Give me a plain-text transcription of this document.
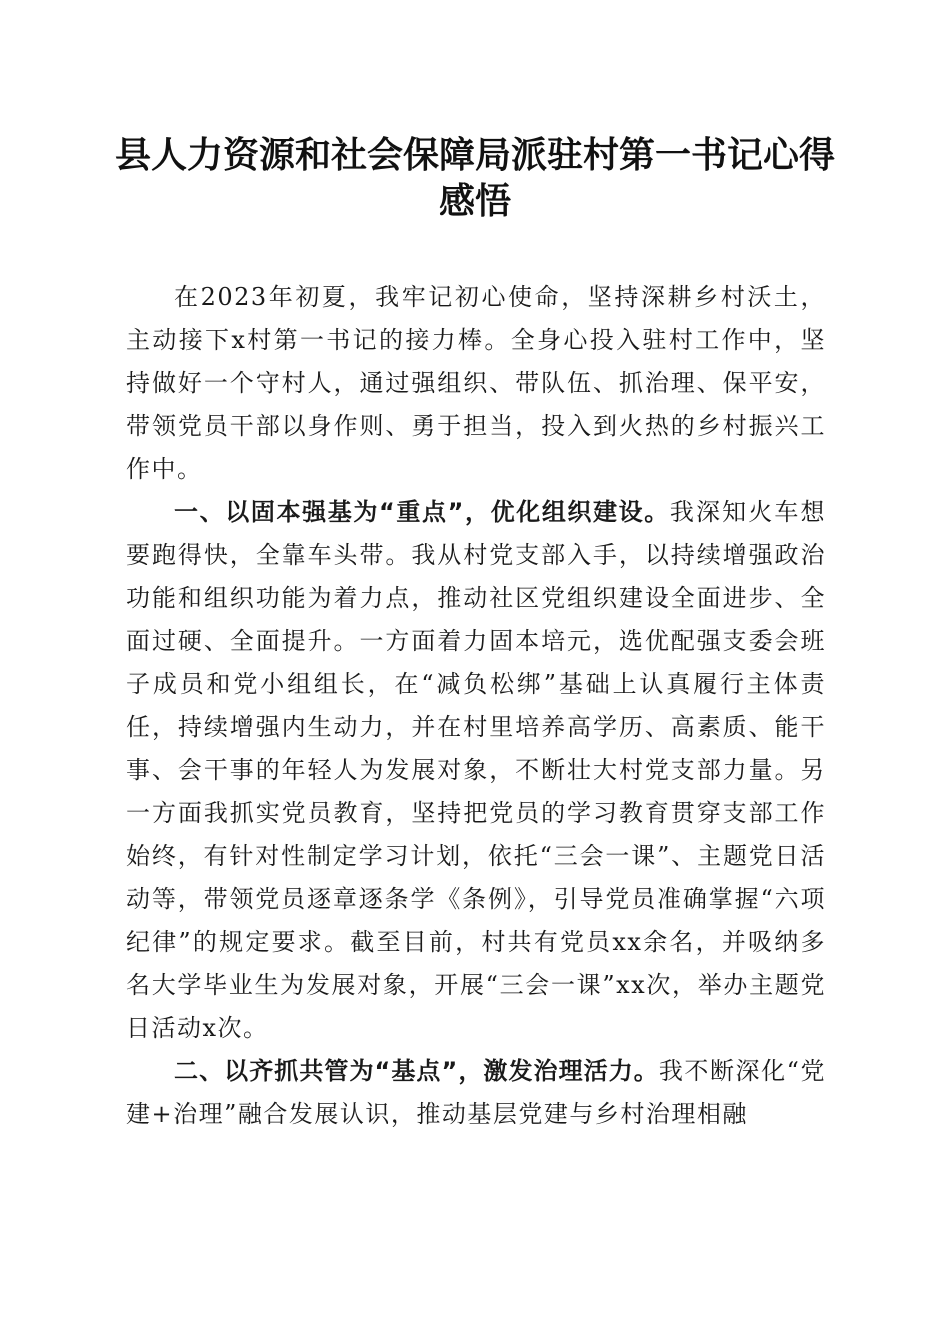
县人力资源和社会保障局派驻村第一书记心得
感悟

在2023年初夏，我牢记初心使命，坚持深耕乡村沃土，主动接下x村第一书记的接力棒。全身心投入驻村工作中，坚持做好一个守村人，通过强组织、带队伍、抓治理、保平安，带领党员干部以身作则、勇于担当，投入到火热的乡村振兴工作中。

一、以固本强基为“重点”，优化组织建设。我深知火车想要跑得快，全靠车头带。我从村党支部入手，以持续增强政治功能和组织功能为着力点，推动社区党组织建设全面进步、全面过硬、全面提升。一方面着力固本培元，选优配强支委会班子成员和党小组组长，在“减负松绑”基础上认真履行主体责任，持续增强内生动力，并在村里培养高学历、高素质、能干事、会干事的年轻人为发展对象，不断壮大村党支部力量。另一方面我抓实党员教育，坚持把党员的学习教育贯穿支部工作始终，有针对性制定学习计划，依托“三会一课”、主题党日活动等，带领党员逐章逐条学《条例》，引导党员准确掌握“六项纪律”的规定要求。截至目前，村共有党员xx余名，并吸纳多名大学毕业生为发展对象，开展“三会一课”xx次，举办主题党日活动x次。

二、以齐抓共管为“基点”，激发治理活力。我不断深化“党建+治理”融合发展认识，推动基层党建与乡村治理相融
